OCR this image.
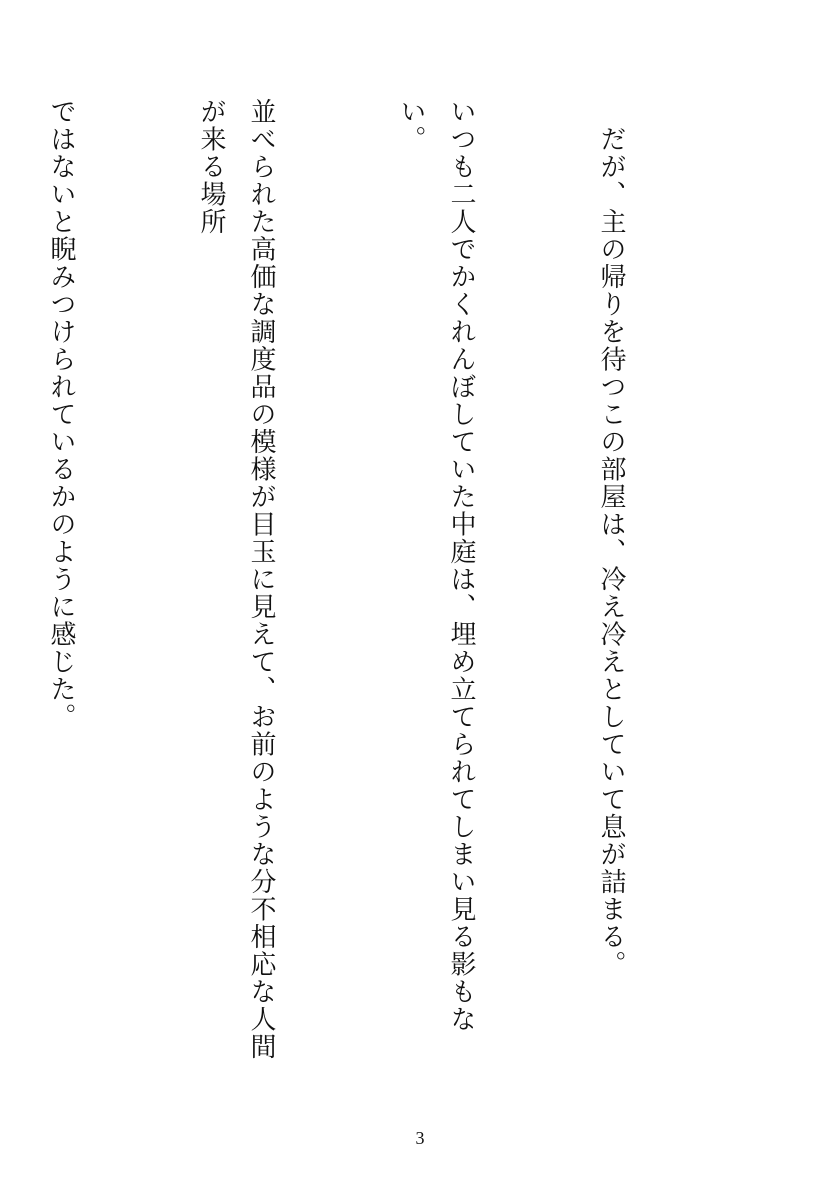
　だが、主の帰りを待つこの部屋は、冷え冷えとしていて息が詰まる。

いつも二人でかくれんぼしていた中庭は、埋め立てられてしまい見る影もない。

並べられた高価な調度品の模様が目玉に見えて、お前のような分不相応な人間が来る場所

ではないと睨みつけられているかのように感じた。

3
